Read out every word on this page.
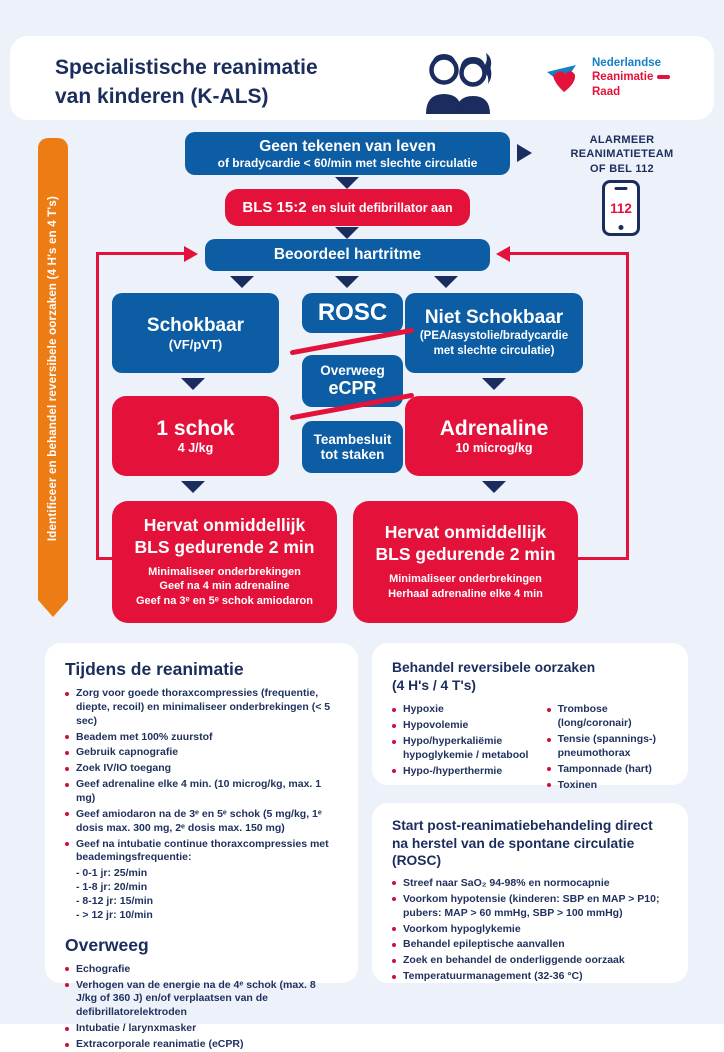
Specialistische reanimatie
van kinderen (K-ALS)
Nederlandse
Reanimatie
Raad
Identificeer en behandel reversibele oorzaken (4 H's en 4 T's)
Geen tekenen van leven
of bradycardie < 60/min met slechte circulatie
ALARMEER
REANIMATIETEAM
OF BEL 112
112
BLS 15:2 en sluit defibrillator aan
Beoordeel hartritme
Schokbaar
(VF/pVT)
ROSC Niet Schokbaar
(PEA/asystolie/bradycardie met slechte circulatie)
Overweeg
eCPR
1 schok
4 J/kg
Teambesluit
tot staken
Adrenaline
10 microg/kg
Hervat onmiddellijk
BLS gedurende 2 min
Minimaliseer onderbrekingen
Geef na 4 min adrenaline
Geef na 3ᵉ en 5ᵉ schok amiodaron
Hervat onmiddellijk
BLS gedurende 2 min
Minimaliseer onderbrekingen
Herhaal adrenaline elke 4 min
Tijdens de reanimatie
Zorg voor goede thoraxcompressies (frequentie, diepte, recoil) en minimaliseer onderbrekingen (< 5 sec)
Beadem met 100% zuurstof
Gebruik capnografie
Zoek IV/IO toegang
Geef adrenaline elke 4 min. (10 microg/kg, max. 1 mg)
Geef amiodaron na de 3ᵉ en 5ᵉ schok (5 mg/kg, 1ᵉ dosis max. 300 mg, 2ᵉ dosis max. 150 mg)
Geef na intubatie continue thoraxcompressies met beademingsfrequentie:
- 0-1 jr: 25/min
- 1-8 jr: 20/min
- 8-12 jr: 15/min
- > 12 jr: 10/min
Overweeg
Echografie
Verhogen van de energie na de 4ᵉ schok (max. 8 J/kg of 360 J) en/of verplaatsen van de defibrillatorelektroden
Intubatie / larynxmasker
Extracorporale reanimatie (eCPR)
Behandel reversibele oorzaken
(4 H's / 4 T's)
Hypoxie
Hypovolemie
Hypo/hyperkaliëmie hypoglykemie / metabool
Hypo-/hyperthermie
Trombose (long/coronair)
Tensie (spannings-) pneumothorax
Tamponnade (hart)
Toxinen
Start post-reanimatiebehandeling direct na herstel van de spontane circulatie (ROSC)
Streef naar SaO₂ 94-98% en normocapnie
Voorkom hypotensie (kinderen: SBP en MAP > P10; pubers: MAP > 60 mmHg, SBP > 100 mmHg)
Voorkom hypoglykemie
Behandel epileptische aanvallen
Zoek en behandel de onderliggende oorzaak
Temperatuurmanagement (32-36 °C)
